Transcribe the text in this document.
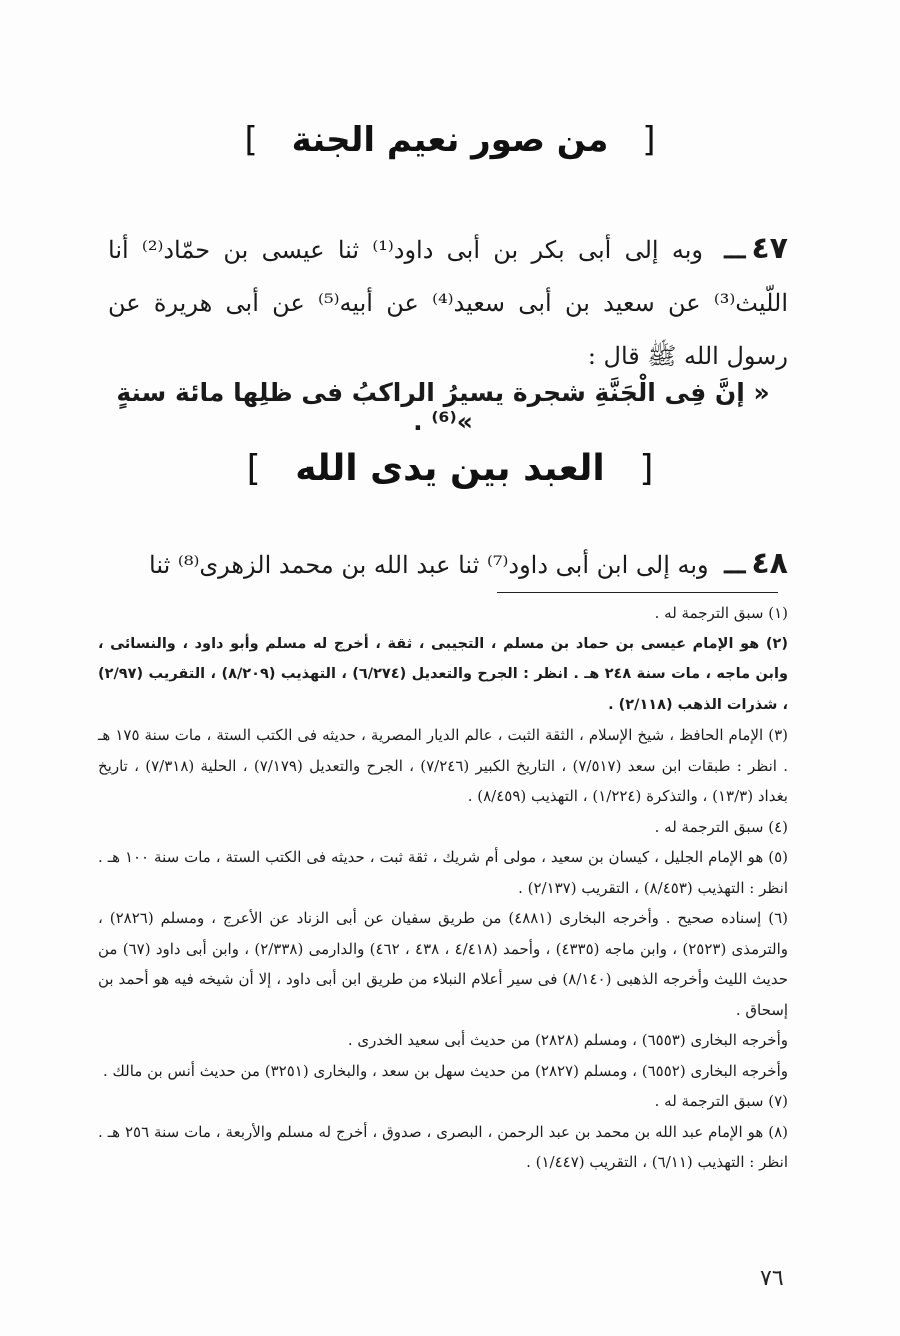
[ من صور نعيم الجنة ]
٤٧ـــ وبه إلى أبى بكر بن أبى داود⁽¹⁾ ثنا عيسى بن حمّاد⁽²⁾ أنا اللّيث⁽³⁾ عن سعيد بن أبى سعيد⁽⁴⁾ عن أبيه⁽⁵⁾ عن أبى هريرة عن رسول الله ﷺ قال :
« إنَّ فِى الْجَنَّةِ شجرة يسيرُ الراكبُ فى ظلِها مائة سنةٍ »⁽⁶⁾ .
[ العبد بين يدى الله ]
٤٨ـــ وبه إلى ابن أبى داود⁽⁷⁾ ثنا عبد الله بن محمد الزهرى⁽⁸⁾ ثنا

(١) سبق الترجمة له .

(٢) هو الإمام عيسى بن حماد بن مسلم ، التجيبى ، ثقة ، أخرج له مسلم وأبو داود ، والنسائى ، وابن ماجه ، مات سنة ٢٤٨ هـ . انظر : الجرح والتعديل (٦/٢٧٤) ، التهذيب (٨/٢٠٩) ، التقريب (٢/٩٧) ، شذرات الذهب (٢/١١٨) .

(٣) الإمام الحافظ ، شيخ الإسلام ، الثقة الثبت ، عالم الديار المصرية ، حديثه فى الكتب الستة ، مات سنة ١٧٥ هـ . انظر : طبقات ابن سعد (٧/٥١٧) ، التاريخ الكبير (٧/٢٤٦) ، الجرح والتعديل (٧/١٧٩) ، الحلية (٧/٣١٨) ، تاريخ بغداد (١٣/٣) ، والتذكرة (١/٢٢٤) ، التهذيب (٨/٤٥٩) .

(٤) سبق الترجمة له .

(٥) هو الإمام الجليل ، كيسان بن سعيد ، مولى أم شريك ، ثقة ثبت ، حديثه فى الكتب الستة ، مات سنة ١٠٠ هـ . انظر : التهذيب (٨/٤٥٣) ، التقريب (٢/١٣٧) .

(٦) إسناده صحيح . وأخرجه البخارى (٤٨٨١) من طريق سفيان عن أبى الزناد عن الأعرج ، ومسلم (٢٨٢٦) ، والترمذى (٢٥٢٣) ، وابن ماجه (٤٣٣٥) ، وأحمد (٤/٤١٨ ، ٤٣٨ ، ٤٦٢) والدارمى (٢/٣٣٨) ، وابن أبى داود (٦٧) من حديث الليث وأخرجه الذهبى (٨/١٤٠) فى سير أعلام النبلاء من طريق ابن أبى داود ، إلا أن شيخه فيه هو أحمد بن إسحاق .

وأخرجه البخارى (٦٥٥٣) ، ومسلم (٢٨٢٨) من حديث أبى سعيد الخدرى .

وأخرجه البخارى (٦٥٥٢) ، ومسلم (٢٨٢٧) من حديث سهل بن سعد ، والبخارى (٣٢٥١) من حديث أنس بن مالك .

(٧) سبق الترجمة له .

(٨) هو الإمام عبد الله بن محمد بن عبد الرحمن ، البصرى ، صدوق ، أخرج له مسلم والأربعة ، مات سنة ٢٥٦ هـ . انظر : التهذيب (٦/١١) ، التقريب (١/٤٤٧) .

٧٦
